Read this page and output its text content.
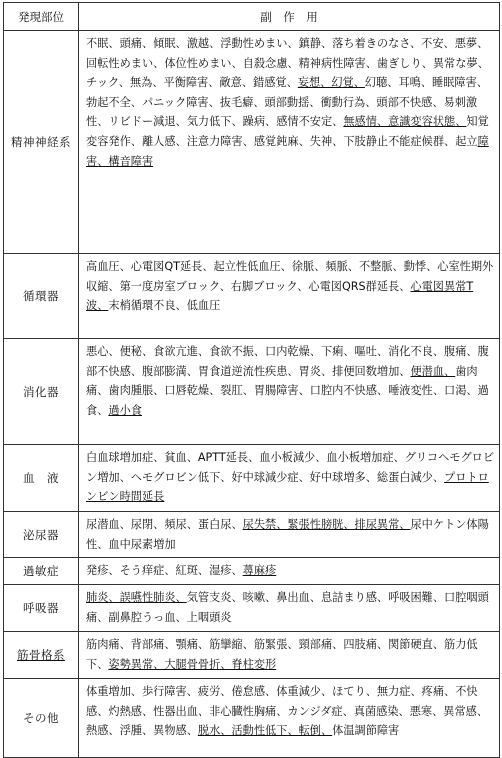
発現部位	副　作　用
精神神経系	不眠、頭痛、傾眠、激越、浮動性めまい、鎮静、落ち着きのなさ、不安、悪夢、回転性めまい、体位性めまい、自殺念慮、精神病性障害、歯ぎしり、異常な夢、チック、無為、平衡障害、敵意、錯感覚、妄想、幻覚、幻聴、耳鳴、睡眠障害、勃起不全、パニック障害、抜毛癖、頭部動揺、衝動行為、頭部不快感、易刺激性、リビドー減退、気力低下、躁病、感情不安定、無感情、意識変容状態、知覚変容発作、離人感、注意力障害、感覚鈍麻、失神、下肢静止不能症候群、起立障害、構音障害
循環器	高血圧、心電図QT延長、起立性低血圧、徐脈、頻脈、不整脈、動悸、心室性期外収縮、第一度房室ブロック、右脚ブロック、心電図QRS群延長、心電図異常T波、末梢循環不良、低血圧
消化器	悪心、便秘、食欲亢進、食欲不振、口内乾燥、下痢、嘔吐、消化不良、腹痛、腹部不快感、腹部膨満、胃食道逆流性疾患、胃炎、排便回数増加、便潜血、歯肉痛、歯肉腫脹、口唇乾燥、裂肛、胃腸障害、口腔内不快感、唾液変性、口渇、過食、過小食
血　液	白血球増加症、貧血、APTT延長、血小板減少、血小板増加症、グリコヘモグロビン増加、ヘモグロビン低下、好中球減少症、好中球増多、総蛋白減少、プロトロンビン時間延長
泌尿器	尿潜血、尿閉、頻尿、蛋白尿、尿失禁、緊張性膀胱、排尿異常、尿中ケトン体陽性、血中尿素増加
過敏症	発疹、そう痒症、紅斑、湿疹、蕁麻疹
呼吸器	肺炎、誤嚥性肺炎、気管支炎、咳嗽、鼻出血、息詰まり感、呼吸困難、口腔咽頭痛、副鼻腔うっ血、上咽頭炎
筋骨格系	筋肉痛、背部痛、顎痛、筋攣縮、筋緊張、頸部痛、四肢痛、関節硬直、筋力低下、姿勢異常、大腿骨骨折、脊柱変形
その他	体重増加、歩行障害、疲労、倦怠感、体重減少、ほてり、無力症、疼痛、不快感、灼熱感、性器出血、非心臓性胸痛、カンジダ症、真菌感染、悪寒、異常感、熱感、浮腫、異物感、脱水、活動性低下、転倒、体温調節障害
